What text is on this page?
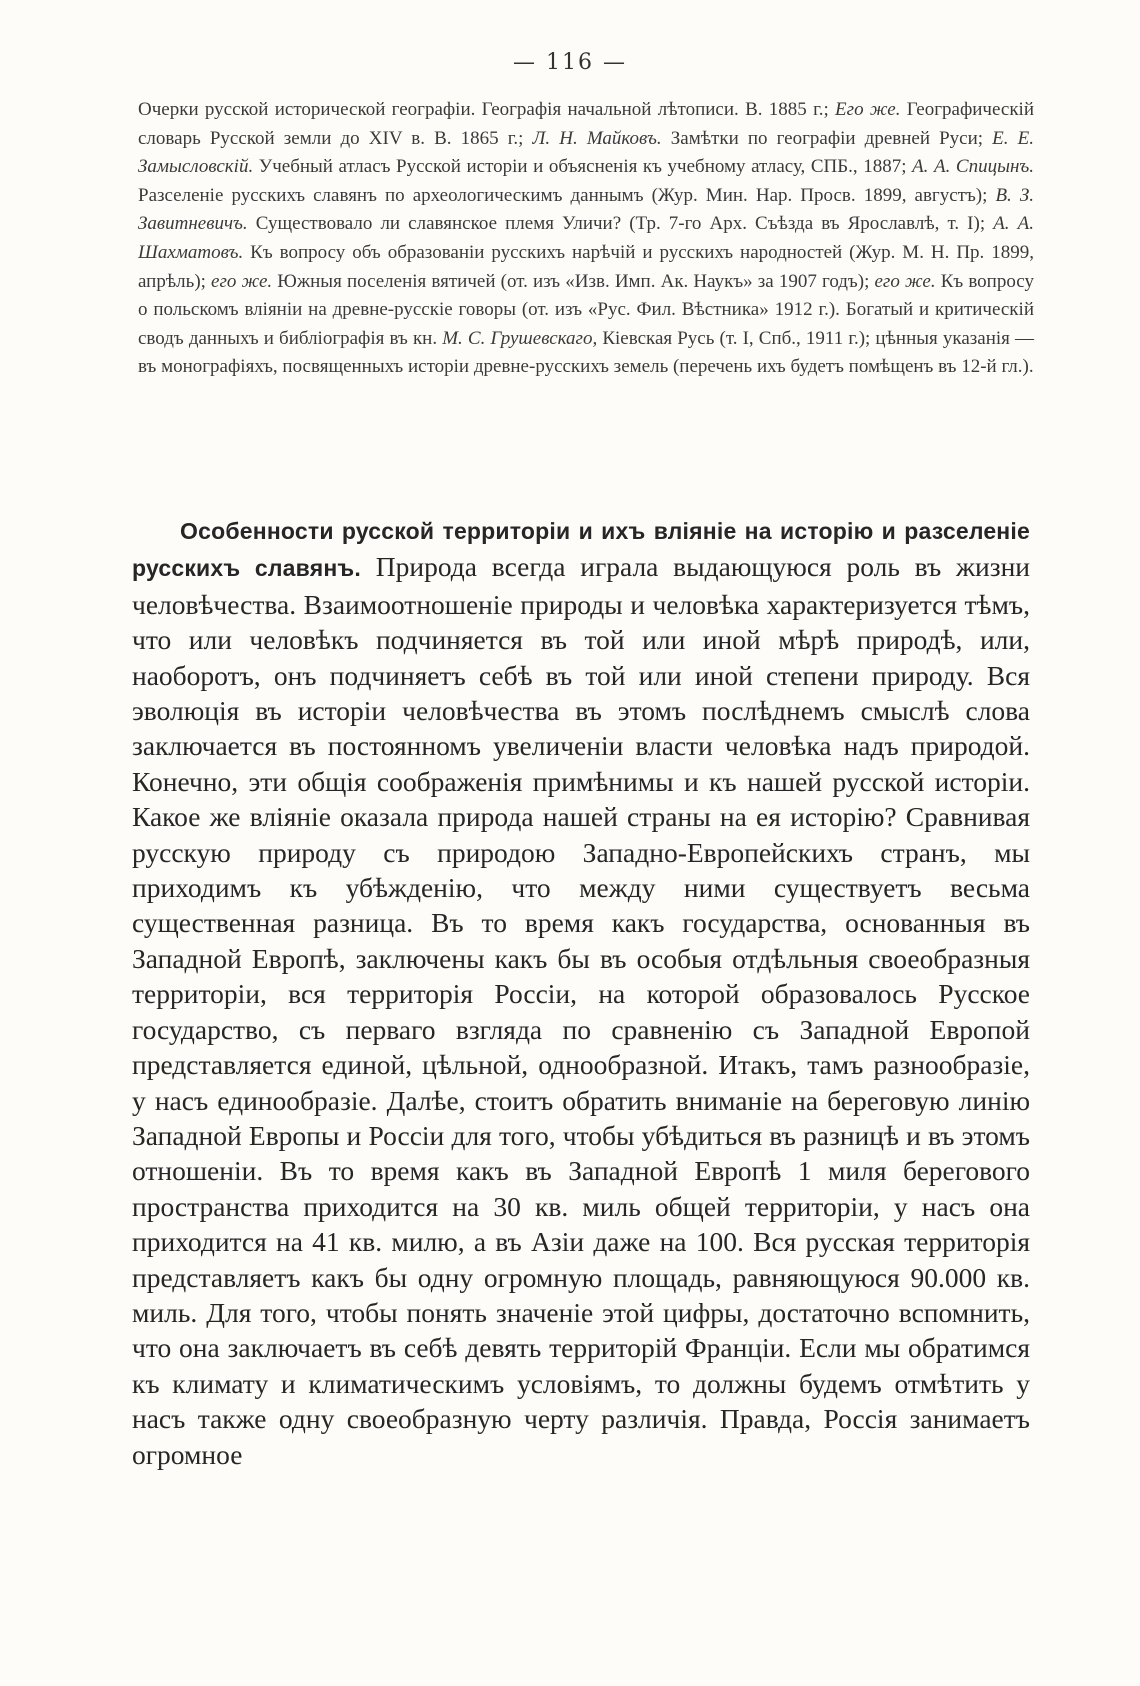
— 116 —
Очерки русской исторической географіи. Географія начальной лѣтописи. В. 1885 г.; Его же. Географическій словарь Русской земли до XIV в. В. 1865 г.; Л. Н. Майковъ. Замѣтки по географіи древней Руси; Е. Е. Замысловскій. Учебный атласъ Русской исторіи и объясненія къ учебному атласу, СПБ., 1887; А. А. Спицынъ. Разселеніе русскихъ славянъ по археологическимъ даннымъ (Жур. Мин. Нар. Просв. 1899, августъ); В. З. Завитневичъ. Существовало ли славянское племя Уличи? (Тр. 7-го Арх. Съѣзда въ Ярославлѣ, т. I); А. А. Шахматовъ. Къ вопросу объ образованіи русскихъ нарѣчій и русскихъ народностей (Жур. М. Н. Пр. 1899, апрѣль); его же. Южныя поселенія вятичей (от. изъ «Изв. Имп. Ак. Наукъ» за 1907 годъ); его же. Къ вопросу о польскомъ вліяніи на древне-русскіе говоры (от. изъ «Рус. Фил. Вѣстника» 1912 г.). Богатый и критическій сводъ данныхъ и библіографія въ кн. М. С. Грушевскаго, Кіевская Русь (т. I, Спб., 1911 г.); цѣнныя указанія — въ монографіяхъ, посвященныхъ исторіи древне-русскихъ земель (перечень ихъ будетъ помѣщенъ въ 12-й гл.).
Особенности русской территоріи и ихъ вліяніе на исторію и разселеніе русскихъ славянъ. Природа всегда играла выдающуюся роль въ жизни человѣчества. Взаимоотношеніе природы и человѣка характеризуется тѣмъ, что или человѣкъ подчиняется въ той или иной мѣрѣ природѣ, или, наоборотъ, онъ подчиняетъ себѣ въ той или иной степени природу. Вся эволюція въ исторіи человѣчества въ этомъ послѣднемъ смыслѣ слова заключается въ постоянномъ увеличеніи власти человѣка надъ природой. Конечно, эти общія соображенія примѣнимы и къ нашей русской исторіи. Какое же вліяніе оказала природа нашей страны на ея исторію? Сравнивая русскую природу съ природою Западно-Европейскихъ странъ, мы приходимъ къ убѣжденію, что между ними существуетъ весьма существенная разница. Въ то время какъ государства, основанныя въ Западной Европѣ, заключены какъ бы въ особыя отдѣльныя своеобразныя территоріи, вся территорія Россіи, на которой образовалось Русское государство, съ перваго взгляда по сравненію съ Западной Европой представляется единой, цѣльной, однообразной. Итакъ, тамъ разнообразіе, у насъ единообразіе. Далѣе, стоитъ обратить вниманіе на береговую линію Западной Европы и Россіи для того, чтобы убѣдиться въ разницѣ и въ этомъ отношеніи. Въ то время какъ въ Западной Европѣ 1 миля берегового пространства приходится на 30 кв. миль общей территоріи, у насъ она приходится на 41 кв. милю, а въ Азіи даже на 100. Вся русская территорія представляетъ какъ бы одну огромную площадь, равняющуюся 90.000 кв. миль. Для того, чтобы понять значеніе этой цифры, достаточно вспомнить, что она заключаетъ въ себѣ девять территорій Франціи. Если мы обратимся къ климату и климатическимъ условіямъ, то должны будемъ отмѣтить у насъ также одну своеобразную черту различія. Правда, Россія занимаетъ огромное
